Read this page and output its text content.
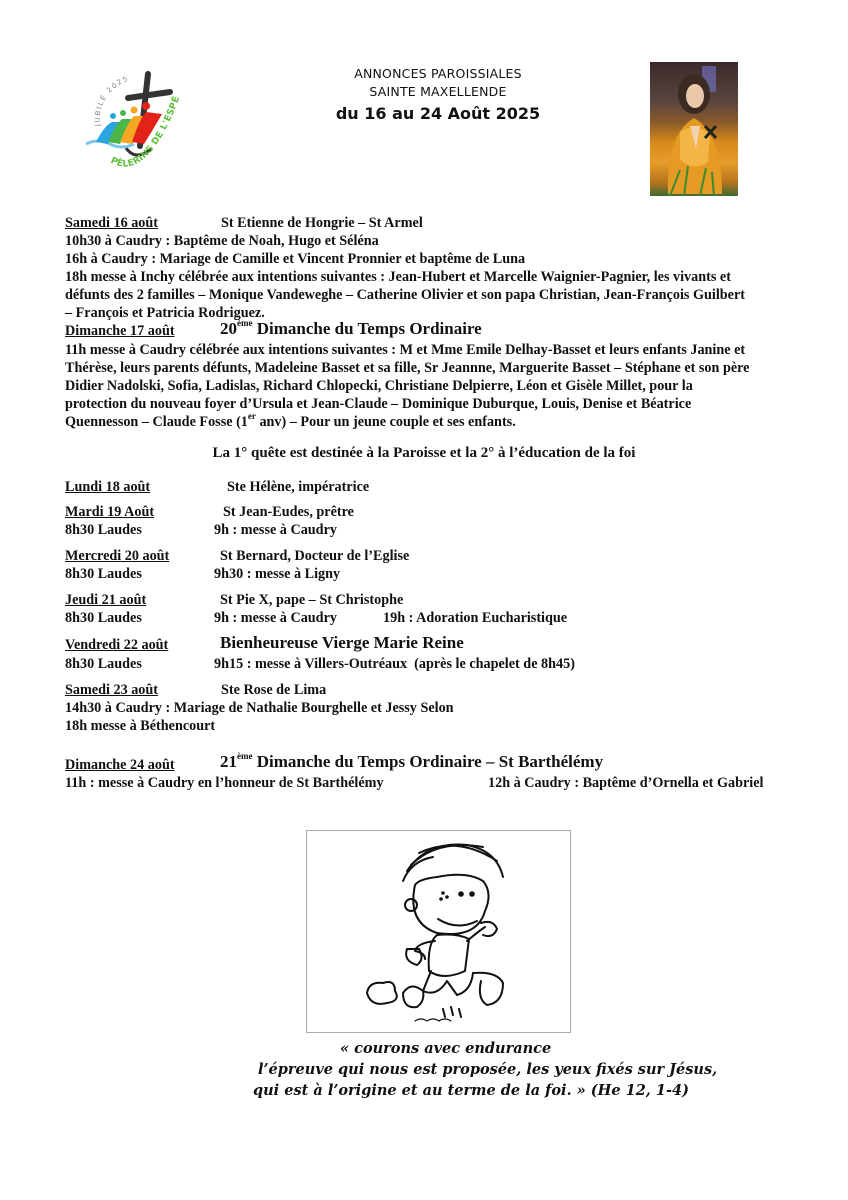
JUBILÉ 2025
PÈLERINS DE L'ESPÉ
ANNONCES PAROISSIALES
SAINTE MAXELLENDE
du 16 au 24 Août 2025
Samedi 16 août	St Etienne de Hongrie – St Armel
10h30 à Caudry : Baptême de Noah, Hugo et Séléna
16h à Caudry : Mariage de Camille et Vincent Pronnier et baptême de Luna
18h messe à Inchy célébrée aux intentions suivantes : Jean-Hubert et Marcelle Waignier-Pagnier, les vivants et
défunts des 2 familles – Monique Vandeweghe – Catherine Olivier et son papa Christian, Jean-François Guilbert
– François et Patricia Rodriguez.
Dimanche 17 août	20ème Dimanche du Temps Ordinaire
11h messe à Caudry célébrée aux intentions suivantes : M et Mme Emile Delhay-Basset et leurs enfants Janine et
Thérèse, leurs parents défunts, Madeleine Basset et sa fille, Sr Jeannne, Marguerite Basset – Stéphane et son père
Didier Nadolski, Sofia, Ladislas, Richard Chlopecki, Christiane Delpierre, Léon et Gisèle Millet, pour la
protection du nouveau foyer d’Ursula et Jean-Claude – Dominique Duburque, Louis, Denise et Béatrice
Quennesson – Claude Fosse (1er anv) – Pour un jeune couple et ses enfants.
La 1° quête est destinée à la Paroisse et la 2° à l’éducation de la foi
Lundi 18 août	Ste Hélène, impératrice
Mardi 19 Août	St Jean-Eudes, prêtre
8h30 Laudes	9h : messe à Caudry
Mercredi 20 août	St Bernard, Docteur de l’Eglise
8h30 Laudes	9h30 : messe à Ligny
Jeudi 21 août	St Pie X, pape – St Christophe
8h30 Laudes	9h : messe à Caudry	19h : Adoration Eucharistique
Vendredi 22 août	Bienheureuse Vierge Marie Reine
8h30 Laudes	9h15 : messe à Villers-Outréaux  (après le chapelet de 8h45)
Samedi 23 août	Ste Rose de Lima
14h30 à Caudry : Mariage de Nathalie Bourghelle et Jessy Selon
18h messe à Béthencourt
Dimanche 24 août	21ème Dimanche du Temps Ordinaire – St Barthélémy
11h : messe à Caudry en l’honneur de St Barthélémy	12h à Caudry : Baptême d’Ornella et Gabriel
« courons avec endurance
l’épreuve qui nous est proposée, les yeux fixés sur Jésus,
qui est à l’origine et au terme de la foi. » (He 12, 1-4)
